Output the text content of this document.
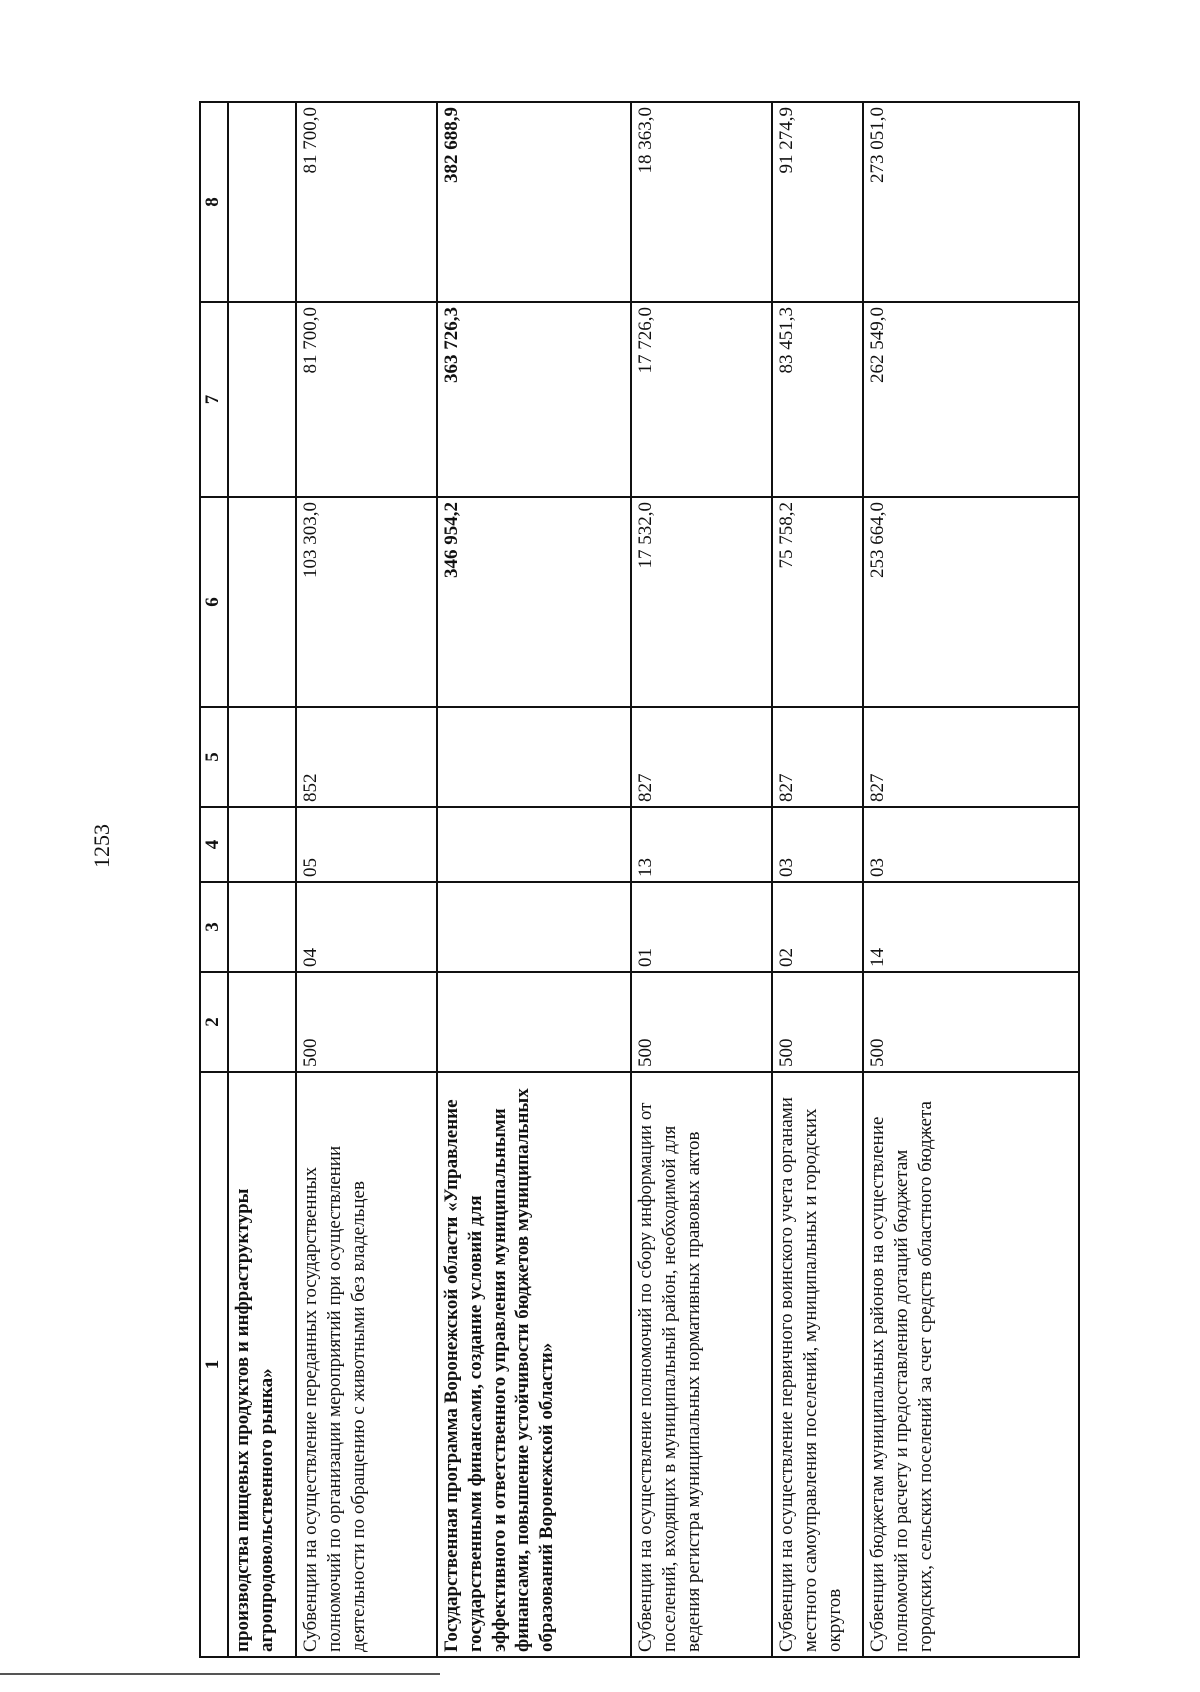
1253
1	2	3	4	5	6	7	8
производства пищевых продуктов и инфраструктуры агропродовольственного рынка»							
Субвенции на осуществление переданных государственных полномочий по организации мероприятий при осуществлении деятельности по обращению с животными без владельцев	500	04	05	852	103 303,0	81 700,0	81 700,0
Государственная программа Воронежской области «Управление государственными финансами, создание условий для эффективного и ответственного управления муниципальными финансами, повышение устойчивости бюджетов муниципальных образований Воронежской области»					346 954,2	363 726,3	382 688,9
Субвенции на осуществление полномочий по сбору информации от поселений, входящих в муниципальный район, необходимой для ведения регистра муниципальных нормативных правовых актов	500	01	13	827	17 532,0	17 726,0	18 363,0
Субвенции на осуществление первичного воинского учета органами местного самоуправления поселений, муниципальных и городских округов	500	02	03	827	75 758,2	83 451,3	91 274,9
Субвенции бюджетам муниципальных районов на осуществление полномочий по расчету и предоставлению дотаций бюджетам городских, сельских поселений за счет средств областного бюджета	500	14	03	827	253 664,0	262 549,0	273 051,0
